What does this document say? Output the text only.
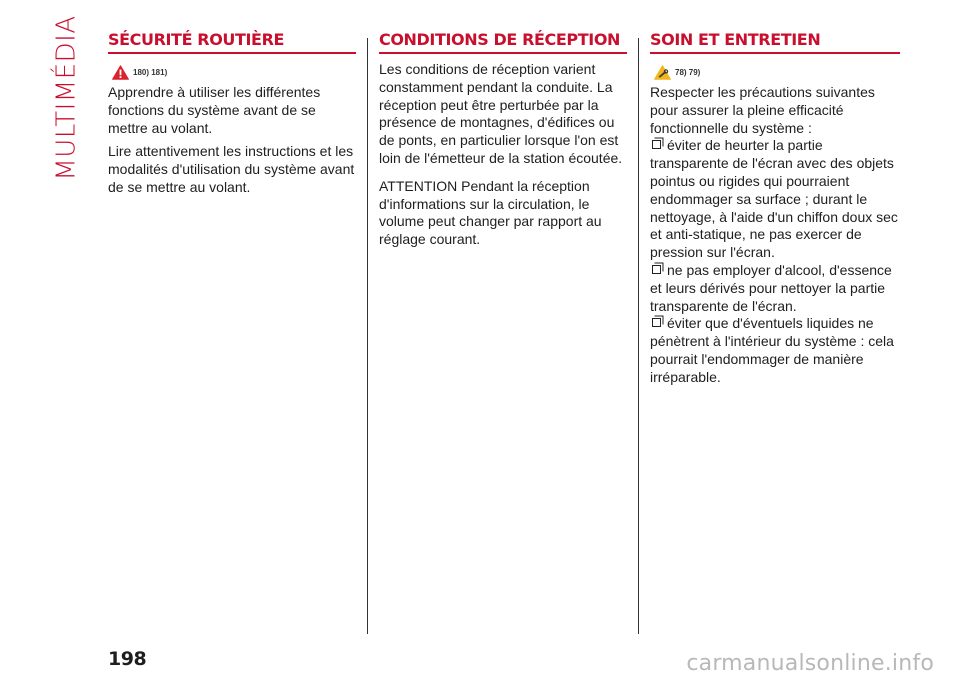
MULTIMÉDIA SÉCURITÉ ROUTIÈRE
180) 181)

Apprendre à utiliser les différentes fonctions du système avant de se mettre au volant.

Lire attentivement les instructions et les modalités d'utilisation du système avant de se mettre au volant.

CONDITIONS DE RÉCEPTION

Les conditions de réception varient constamment pendant la conduite. La réception peut être perturbée par la présence de montagnes, d'édifices ou de ponts, en particulier lorsque l'on est loin de l'émetteur de la station écoutée.

ATTENTION Pendant la réception d'informations sur la circulation, le volume peut changer par rapport au réglage courant.

SOIN ET ENTRETIEN
78) 79)

Respecter les précautions suivantes pour assurer la pleine efficacité fonctionnelle du système :

éviter de heurter la partie transparente de l'écran avec des objets pointus ou rigides qui pourraient endommager sa surface ; durant le nettoyage, à l'aide d'un chiffon doux sec et anti-statique, ne pas exercer de pression sur l'écran.
ne pas employer d'alcool, d'essence et leurs dérivés pour nettoyer la partie transparente de l'écran.
éviter que d'éventuels liquides ne pénètrent à l'intérieur du système : cela pourrait l'endommager de manière irréparable.
198	carmanualsonline.info
